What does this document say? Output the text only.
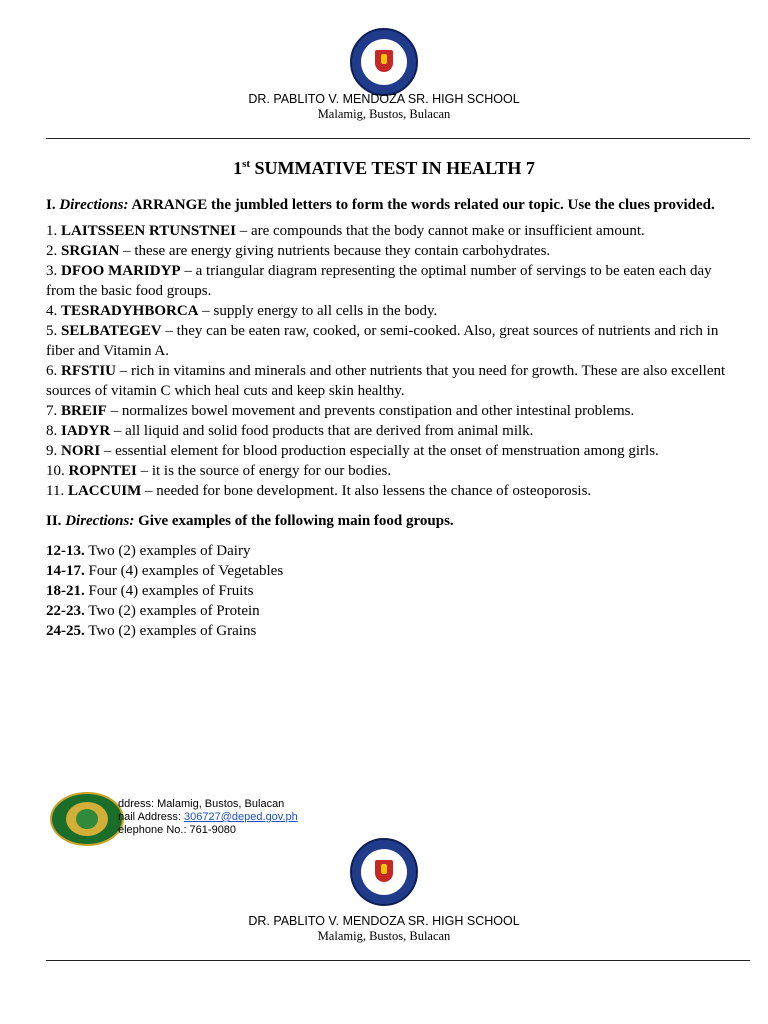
DR. PABLITO V. MENDOZA SR. HIGH SCHOOL
Malamig, Bustos, Bulacan
1st SUMMATIVE TEST IN HEALTH 7

I. Directions: ARRANGE the jumbled letters to form the words related our topic. Use the clues provided.

1. LAITSSEEN RTUNSTNEI – are compounds that the body cannot make or insufficient amount.

2. SRGIAN – these are energy giving nutrients because they contain carbohydrates.

3. DFOO MARIDYP – a triangular diagram representing the optimal number of servings to be eaten each day from the basic food groups.

4. TESRADYHBORCA – supply energy to all cells in the body.

5. SELBATEGEV – they can be eaten raw, cooked, or semi-cooked. Also, great sources of nutrients and rich in fiber and Vitamin A.

6. RFSTIU – rich in vitamins and minerals and other nutrients that you need for growth. These are also excellent sources of vitamin C which heal cuts and keep skin healthy.

7. BREIF – normalizes bowel movement and prevents constipation and other intestinal problems.

8. IADYR – all liquid and solid food products that are derived from animal milk.

9. NORI – essential element for blood production especially at the onset of menstruation among girls.

10. ROPNTEI – it is the source of energy for our bodies.

11. LACCUIM – needed for bone development. It also lessens the chance of osteoporosis.

II. Directions: Give examples of the following main food groups.

12-13. Two (2) examples of Dairy

14-17. Four (4) examples of Vegetables

18-21. Four (4) examples of Fruits

22-23. Two (2) examples of Protein

24-25. Two (2) examples of Grains

ddress: Malamig, Bustos, Bulacan
nail Address: 306727@deped.gov.ph
elephone No.: 761-9080
DR. PABLITO V. MENDOZA SR. HIGH SCHOOL
Malamig, Bustos, Bulacan
